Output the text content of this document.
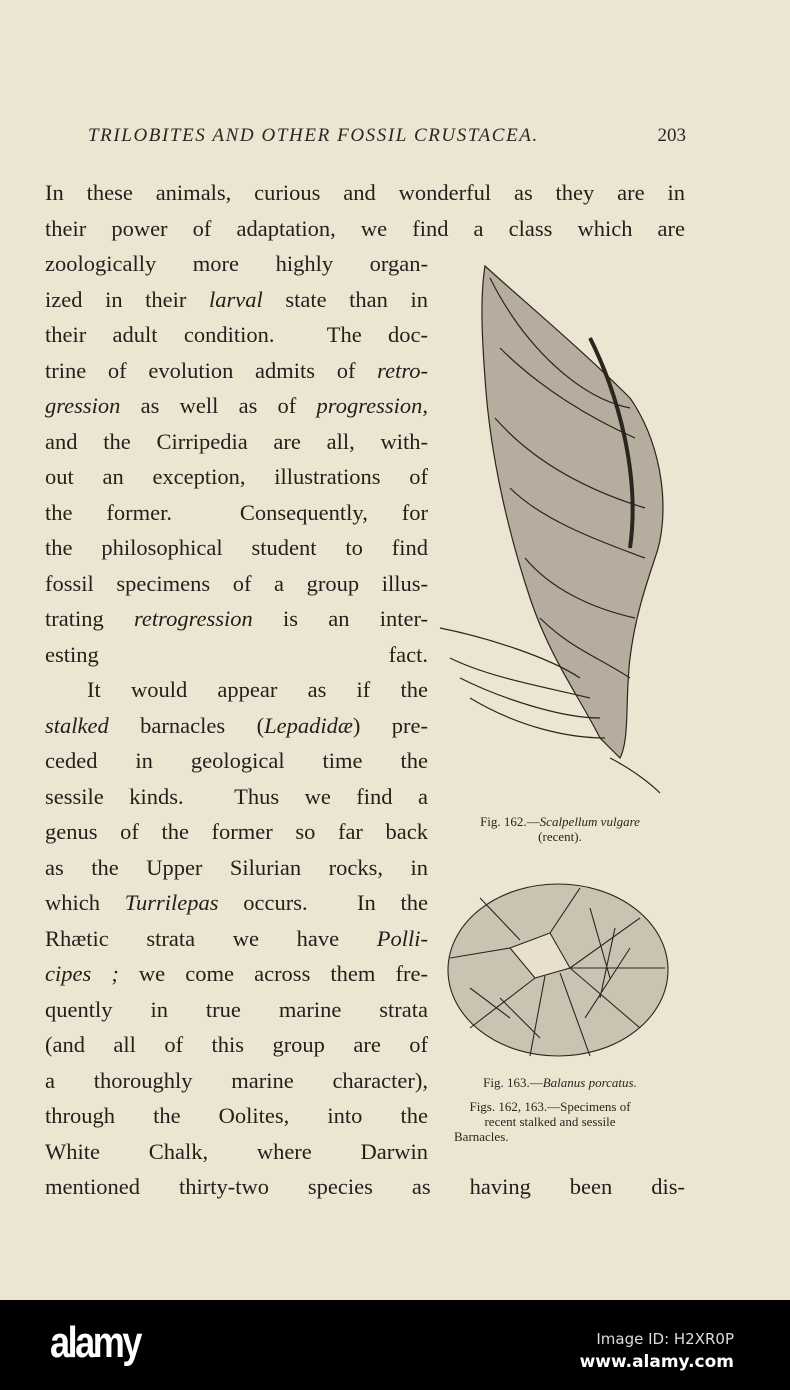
TRILOBITES AND OTHER FOSSIL CRUSTACEA.	203
In these animals, curious and wonderful as they are in
their power of adaptation, we find a class which are
zoologically more highly organ-
ized in their larval state than in
their adult condition.  The doc-
trine of evolution admits of retro-
gression as well as of progression,
and the Cirripedia are all, with-
out an exception, illustrations of
the former.  Consequently, for
the philosophical student to find
fossil specimens of a group illus-
trating retrogression is an inter-
esting fact.
It would appear as if the
stalked barnacles (Lepadidæ) pre-
ceded in geological time the
sessile kinds.  Thus we find a
genus of the former so far back
as the Upper Silurian rocks, in
which Turrilepas occurs.  In the
Rhætic strata we have Polli-
cipes ; we come across them fre-
quently in true marine strata
(and all of this group are of
a thoroughly marine character),
through the Oolites, into the
White Chalk, where Darwin
mentioned thirty-two species as having been dis-
Fig. 162.—Scalpellum vulgare
(recent).
Fig. 163.—Balanus porcatus.
Figs. 162, 163.—Specimens of
recent stalked and sessile
Barnacles.
alamy	Image ID: H2XR0P
www.alamy.com
